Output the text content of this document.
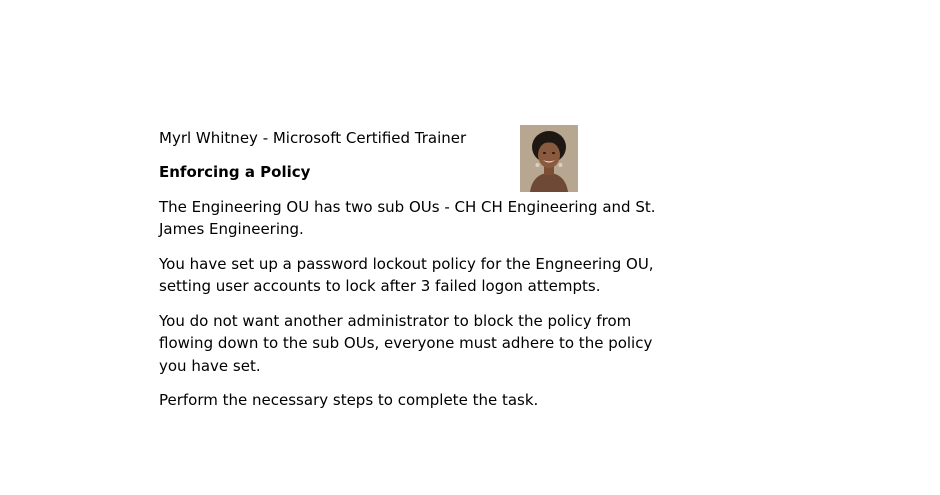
Myrl Whitney - Microsoft Certified Trainer
Enforcing a Policy
The Engineering OU has two sub OUs - CH CH Engineering and St. James Engineering.
You have set up a password lockout policy for the Engneering OU, setting user accounts to lock after 3 failed logon attempts.
You do not want another administrator to block the policy from flowing down to the sub OUs, everyone must adhere to the policy you have set.
Perform the necessary steps to complete the task.
